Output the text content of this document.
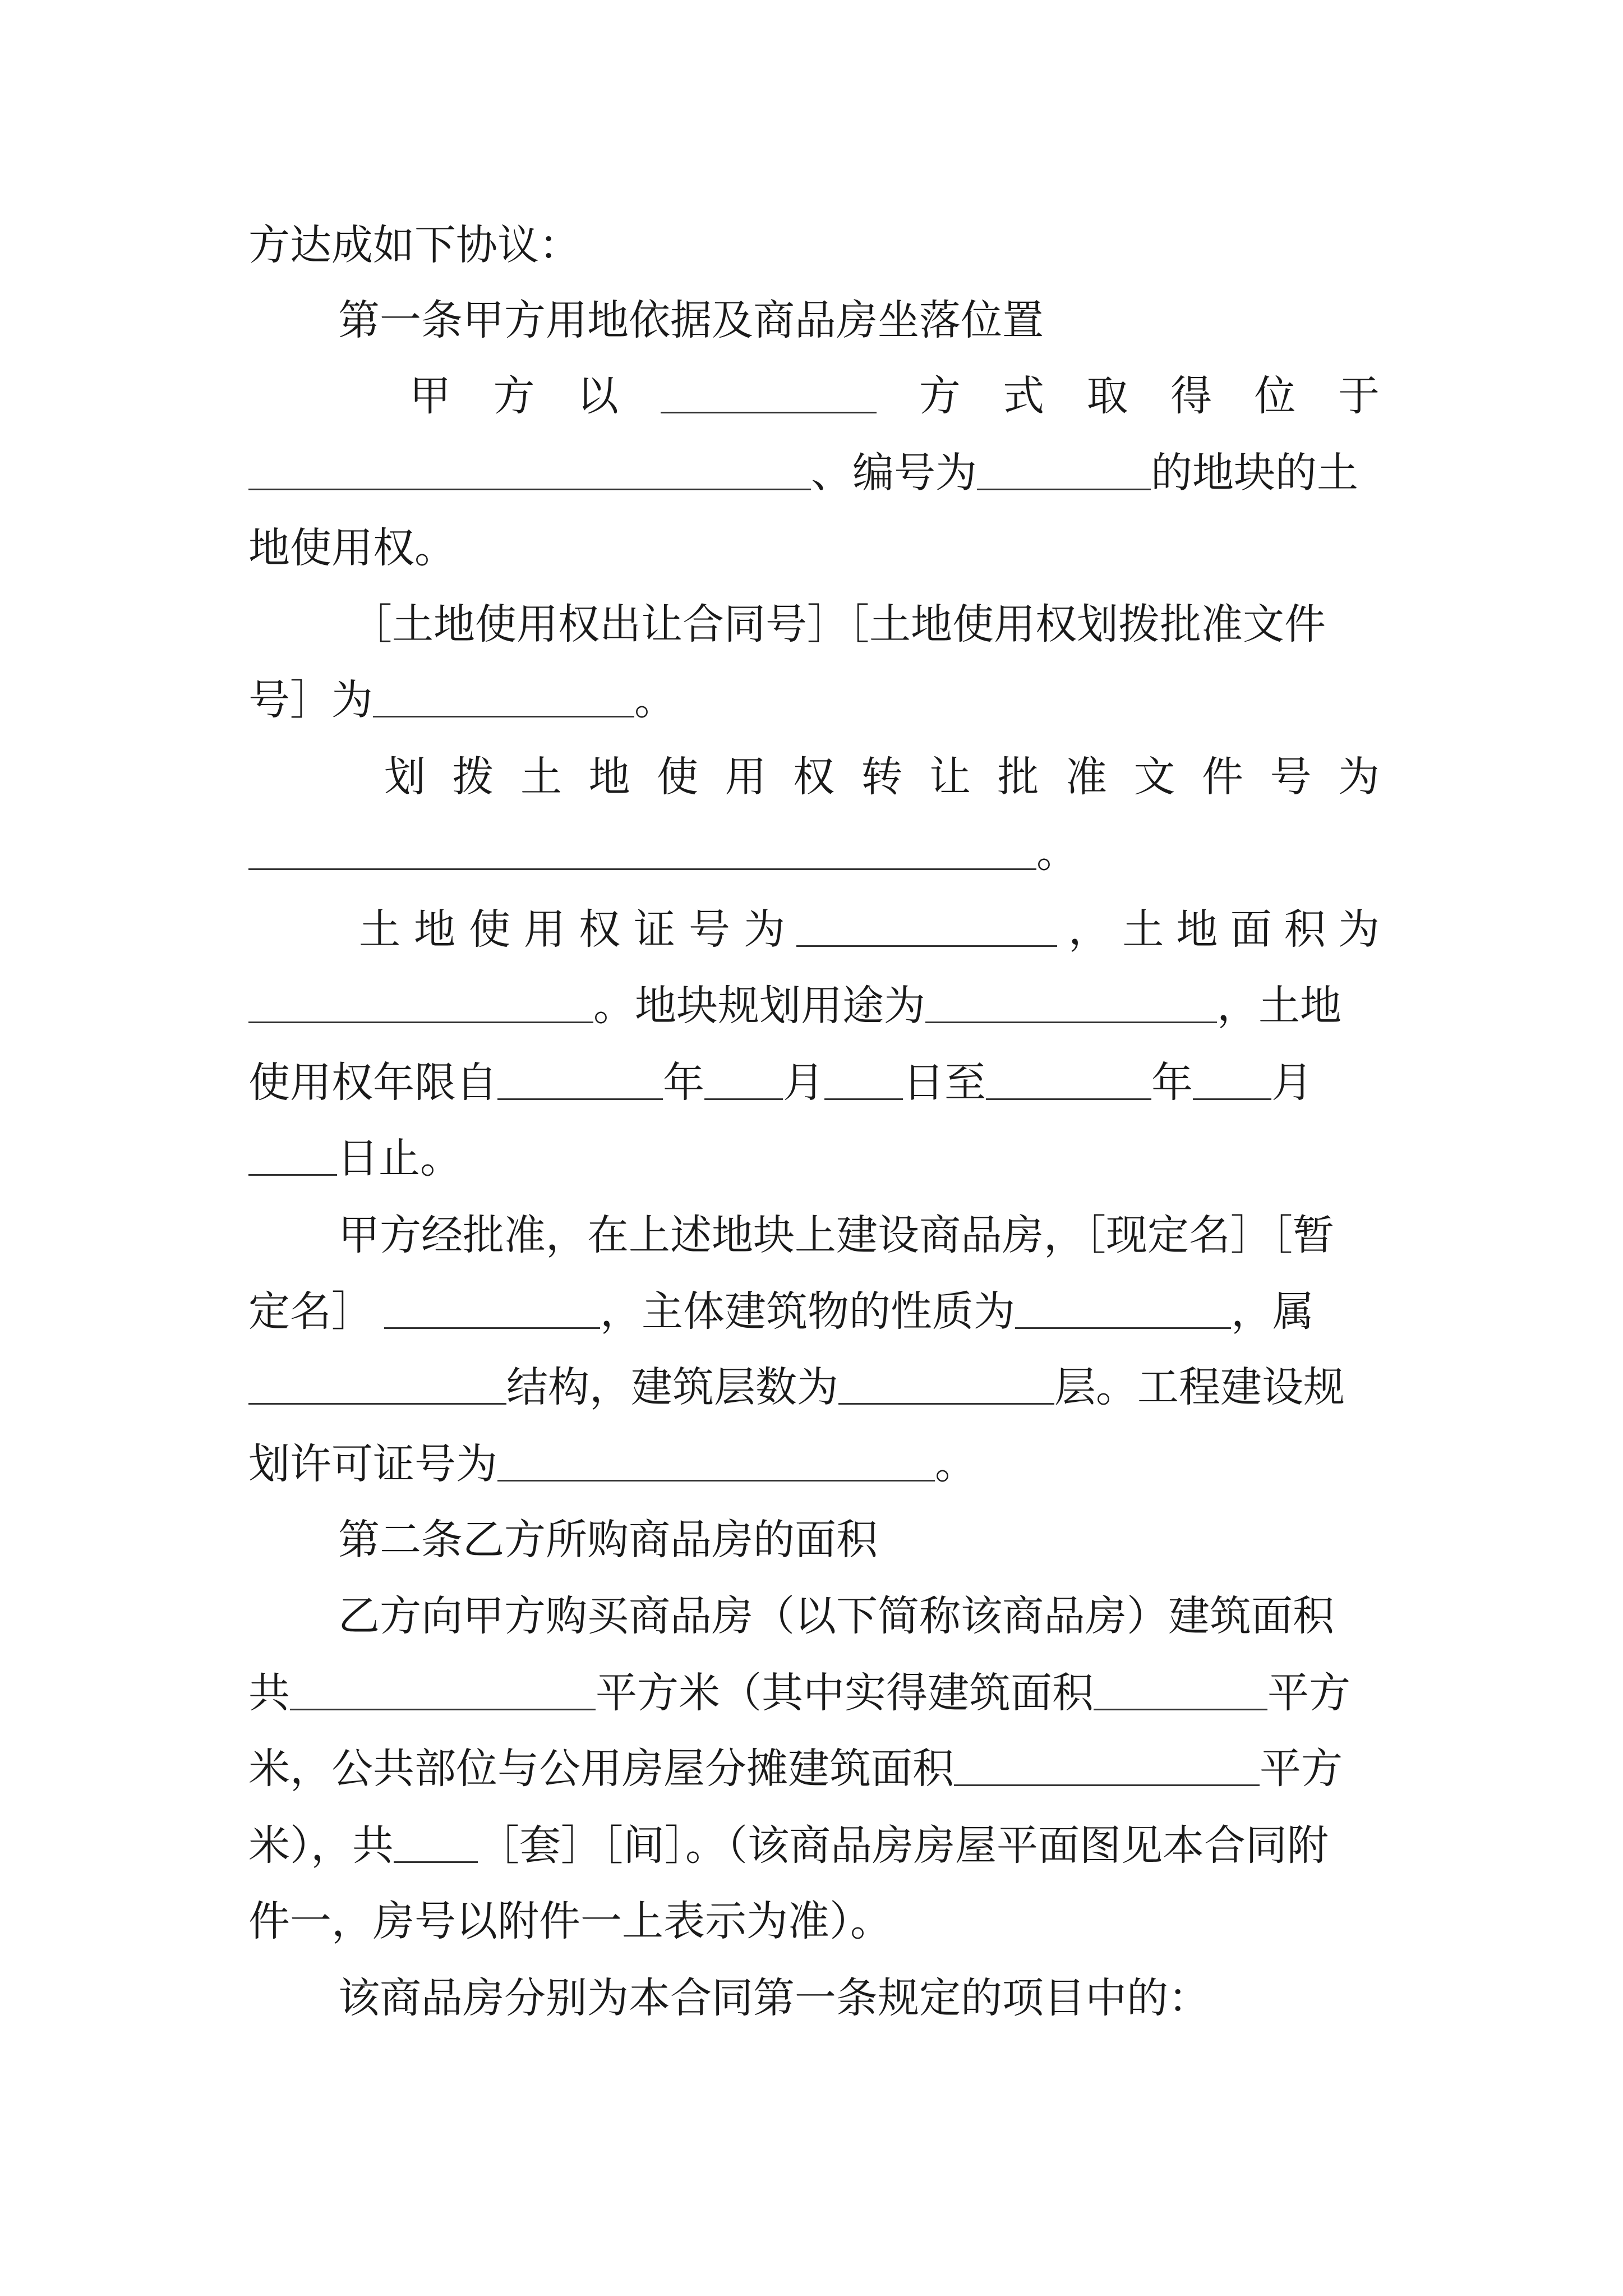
方达成如下协议：
第一条甲方用地依据及商品房坐落位置
甲 方 以	方 式 取 得 位 于
、编号为	的地块的土
地使用权。
［土地使用权出让合同号］［土地使用权划拨批准文件
号］为	。
划 拨 土 地 使 用 权 转 让 批 准 文 件 号 为
。
土 地 使 用 权 证 号 为	， 土 地 面 积 为
。地块规划用途为	，土地
使用权年限自	年 月 日至	年 月
日止。
甲方经批准，在上述地块上建设商品房，［现定名］［暂
定名］	，主体建筑物的性质为	，属
结构，建筑层数为	层。工程建设规
划许可证号为	。
第二条乙方所购商品房的面积
乙方向甲方购买商品房（以下简称该商品房）建筑面积
共	平方米（其中实得建筑面积	平方
米，公共部位与公用房屋分摊建筑面积	平方
米），共 ［套］［间］。（该商品房房屋平面图见本合同附
件一，房号以附件一上表示为准）。
该商品房分别为本合同第一条规定的项目中的：
